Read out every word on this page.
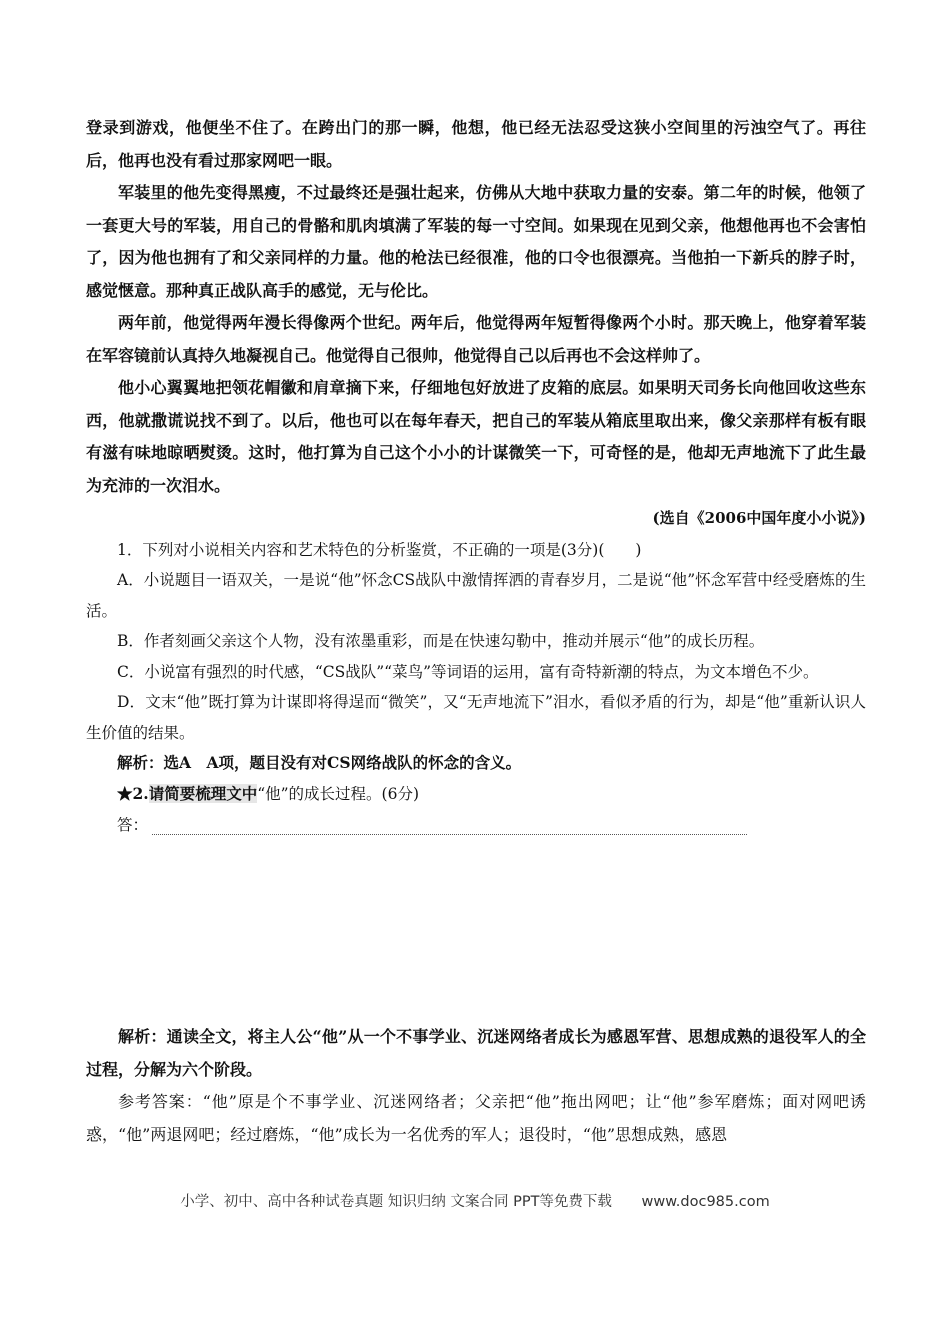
登录到游戏，他便坐不住了。在跨出门的那一瞬，他想，他已经无法忍受这狭小空间里的污浊空气了。再往后，他再也没有看过那家网吧一眼。

军装里的他先变得黑瘦，不过最终还是强壮起来，仿佛从大地中获取力量的安泰。第二年的时候，他领了一套更大号的军装，用自己的骨骼和肌肉填满了军装的每一寸空间。如果现在见到父亲，他想他再也不会害怕了，因为他也拥有了和父亲同样的力量。他的枪法已经很准，他的口令也很漂亮。当他拍一下新兵的脖子时，感觉惬意。那种真正战队高手的感觉，无与伦比。

两年前，他觉得两年漫长得像两个世纪。两年后，他觉得两年短暂得像两个小时。那天晚上，他穿着军装在军容镜前认真持久地凝视自己。他觉得自己很帅，他觉得自己以后再也不会这样帅了。

他小心翼翼地把领花帽徽和肩章摘下来，仔细地包好放进了皮箱的底层。如果明天司务长向他回收这些东西，他就撒谎说找不到了。以后，他也可以在每年春天，把自己的军装从箱底里取出来，像父亲那样有板有眼有滋有味地晾晒熨烫。这时，他打算为自己这个小小的计谋微笑一下，可奇怪的是，他却无声地流下了此生最为充沛的一次泪水。

(选自《2006中国年度小小说》)

1．下列对小说相关内容和艺术特色的分析鉴赏，不正确的一项是(3分)(　　)

A．小说题目一语双关，一是说“他”怀念CS战队中激情挥洒的青春岁月，二是说“他”怀念军营中经受磨炼的生活。

B．作者刻画父亲这个人物，没有浓墨重彩，而是在快速勾勒中，推动并展示“他”的成长历程。

C．小说富有强烈的时代感，“CS战队”“菜鸟”等词语的运用，富有奇特新潮的特点，为文本增色不少。

D．文末“他”既打算为计谋即将得逞而“微笑”，又“无声地流下”泪水，看似矛盾的行为，却是“他”重新认识人生价值的结果。

解析：选A　A项，题目没有对CS网络战队的怀念的含义。

★2.请简要梳理文中“他”的成长过程。(6分)

答：

解析：通读全文，将主人公“他”从一个不事学业、沉迷网络者成长为感恩军营、思想成熟的退役军人的全过程，分解为六个阶段。

参考答案：“他”原是个不事学业、沉迷网络者；父亲把“他”拖出网吧；让“他”参军磨炼；面对网吧诱惑，“他”两退网吧；经过磨炼，“他”成长为一名优秀的军人；退役时，“他”思想成熟，感恩

小学、初中、高中各种试卷真题 知识归纳 文案合同 PPT等免费下载 www.doc985.com
